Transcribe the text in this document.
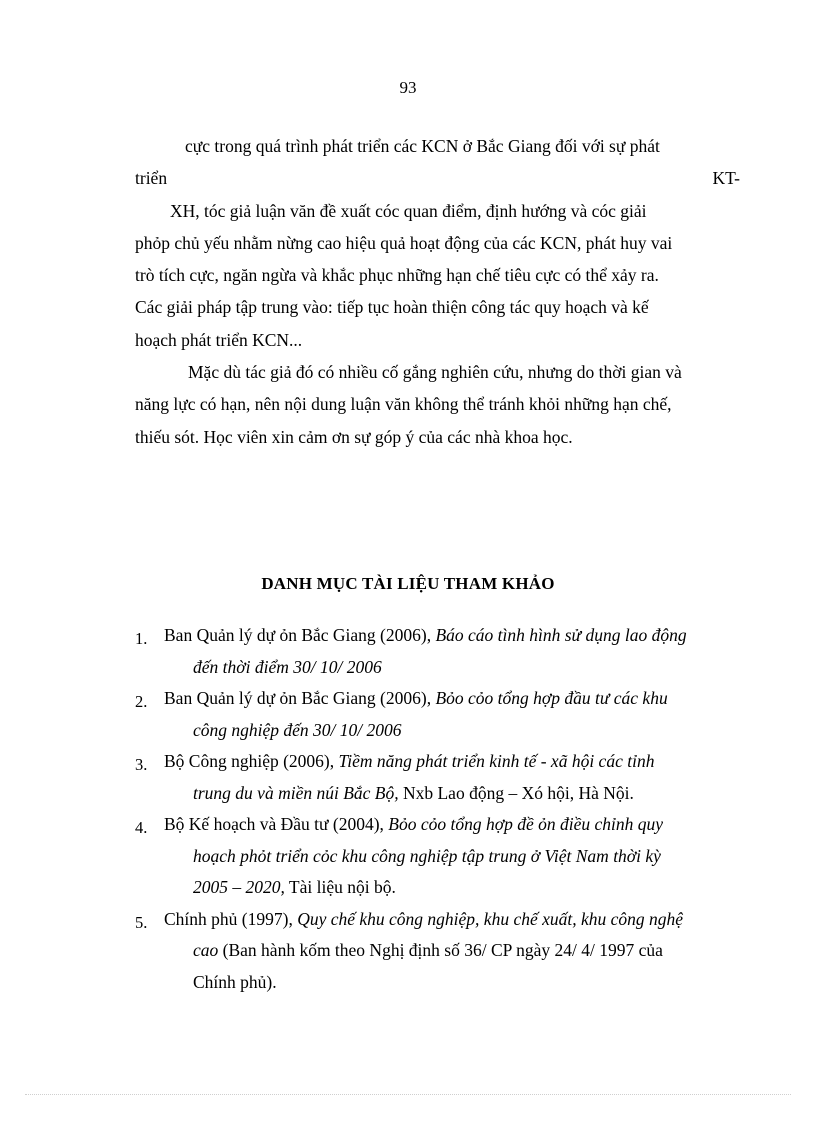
93

cực trong quá trình phát triển các KCN ở Bắc Giang đối với sự phát

triển	KT-

XH, tóc giả luận văn đề xuất cóc quan điểm, định hướng và cóc giải

phỏp chủ yếu nhằm nừng cao hiệu quả hoạt động của các KCN, phát huy vai

trò tích cực, ngăn ngừa và khắc phục những hạn chế tiêu cực có thể xảy ra.

Các giải pháp tập trung vào: tiếp tục hoàn thiện công tác quy hoạch và kế

hoạch phát triển KCN...

Mặc dù tác giả đó có nhiều cố gắng nghiên cứu, nhưng do thời gian và

năng lực có hạn, nên nội dung luận văn không thể tránh khỏi những hạn chế,

thiếu sót. Học viên xin cảm ơn sự góp ý của các nhà khoa học.

DANH MỤC TÀI LIỆU THAM KHẢO
1. Ban Quản lý dự ỏn Bắc Giang (2006), Báo cáo tình hình sử dụng lao động
đến thời điểm 30/ 10/ 2006
2. Ban Quản lý dự ỏn Bắc Giang (2006), Bỏo cỏo tổng hợp đầu tư các khu
công nghiệp đến 30/ 10/ 2006
3. Bộ Công nghiệp (2006), Tiềm năng phát triển kinh tế - xã hội các tỉnh
trung du và miền núi Bắc Bộ, Nxb Lao động – Xó hội, Hà Nội.
4. Bộ Kế hoạch và Đầu tư (2004), Bỏo cỏo tổng hợp đề ỏn điều chỉnh quy
hoạch phỏt triển cỏc khu công nghiệp tập trung ở Việt Nam thời kỳ
2005 – 2020, Tài liệu nội bộ.
5. Chính phủ (1997), Quy chế khu công nghiệp, khu chế xuất, khu công nghệ
cao (Ban hành kốm theo Nghị định số 36/ CP ngày 24/ 4/ 1997 của
Chính phủ).
